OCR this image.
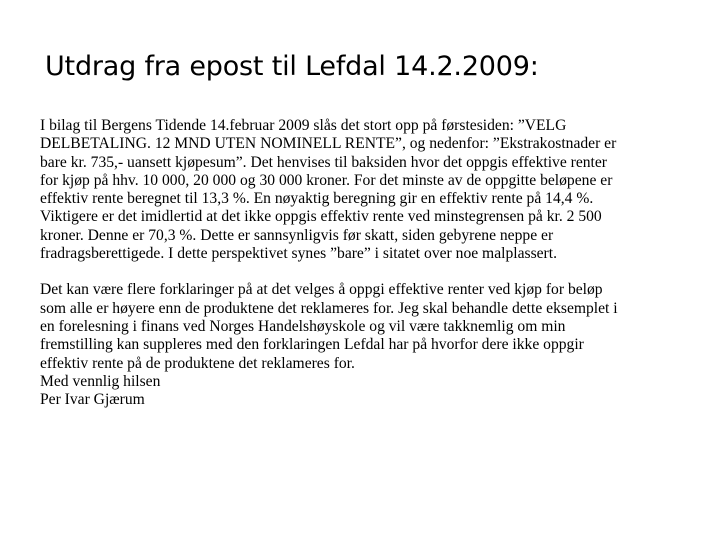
Utdrag fra epost til Lefdal 14.2.2009:

I bilag til Bergens Tidende 14.februar 2009 slås det stort opp på førstesiden: ”VELG
DELBETALING. 12 MND UTEN NOMINELL RENTE”, og nedenfor: ”Ekstrakostnader er
bare kr. 735,- uansett kjøpesum”. Det henvises til baksiden hvor det oppgis effektive renter
for kjøp på hhv. 10 000, 20 000 og 30 000 kroner. For det minste av de oppgitte beløpene er
effektiv rente beregnet til 13,3 %. En nøyaktig beregning gir en effektiv rente på 14,4 %.
Viktigere er det imidlertid at det ikke oppgis effektiv rente ved minstegrensen på kr. 2 500
kroner. Denne er 70,3 %. Dette er sannsynligvis før skatt, siden gebyrene neppe er
fradragsberettigede. I dette perspektivet synes ”bare” i sitatet over noe malplassert.

Det kan være flere forklaringer på at det velges å oppgi effektive renter ved kjøp for beløp
som alle er høyere enn de produktene det reklameres for. Jeg skal behandle dette eksemplet i
en forelesning i finans ved Norges Handelshøyskole og vil være takknemlig om min
fremstilling kan suppleres med den forklaringen Lefdal har på hvorfor dere ikke oppgir
effektiv rente på de produktene det reklameres for.
Med vennlig hilsen
Per Ivar Gjærum
